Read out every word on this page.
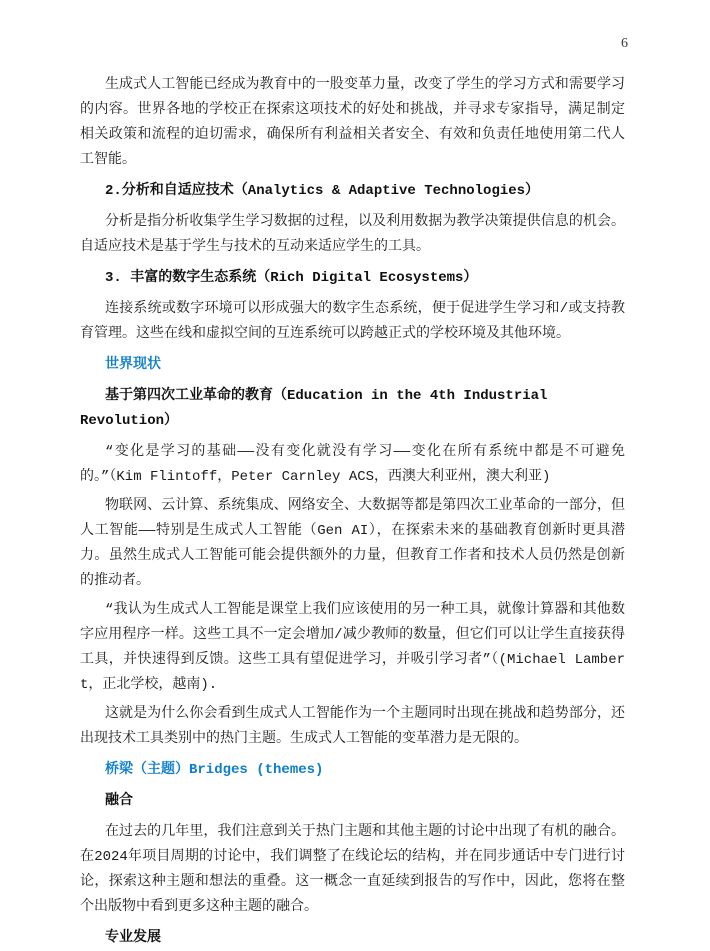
6

生成式人工智能已经成为教育中的一股变革力量，改变了学生的学习方式和需要学习的内容。世界各地的学校正在探索这项技术的好处和挑战，并寻求专家指导，满足制定相关政策和流程的迫切需求，确保所有利益相关者安全、有效和负责任地使用第二代人工智能。

2.分析和自适应技术（Analytics & Adaptive Technologies）

分析是指分析收集学生学习数据的过程，以及利用数据为教学决策提供信息的机会。自适应技术是基于学生与技术的互动来适应学生的工具。

3. 丰富的数字生态系统（Rich Digital Ecosystems）

连接系统或数字环境可以形成强大的数字生态系统，便于促进学生学习和/或支持教育管理。这些在线和虚拟空间的互连系统可以跨越正式的学校环境及其他环境。

世界现状
基于第四次工业革命的教育（Education in the 4th Industrial Revolution）

“变化是学习的基础——没有变化就没有学习——变化在所有系统中都是不可避免的。”（Kim Flintoff，Peter Carnley ACS，西澳大利亚州，澳大利亚)

物联网、云计算、系统集成、网络安全、大数据等都是第四次工业革命的一部分，但人工智能——特别是生成式人工智能（Gen AI），在探索未来的基础教育创新时更具潜力。虽然生成式人工智能可能会提供额外的力量，但教育工作者和技术人员仍然是创新的推动者。

“我认为生成式人工智能是课堂上我们应该使用的另一种工具，就像计算器和其他数字应用程序一样。这些工具不一定会增加/减少教师的数量，但它们可以让学生直接获得工具，并快速得到反馈。这些工具有望促进学习，并吸引学习者”（(Michael Lambert，正北学校，越南).

这就是为什么你会看到生成式人工智能作为一个主题同时出现在挑战和趋势部分，还出现技术工具类别中的热门主题。生成式人工智能的变革潜力是无限的。

桥梁（主题）Bridges (themes)
融合

在过去的几年里，我们注意到关于热门主题和其他主题的讨论中出现了有机的融合。在2024年项目周期的讨论中，我们调整了在线论坛的结构，并在同步通话中专门进行讨论，探索这种主题和想法的重叠。这一概念一直延续到报告的写作中，因此，您将在整个出版物中看到更多这种主题的融合。

专业发展
